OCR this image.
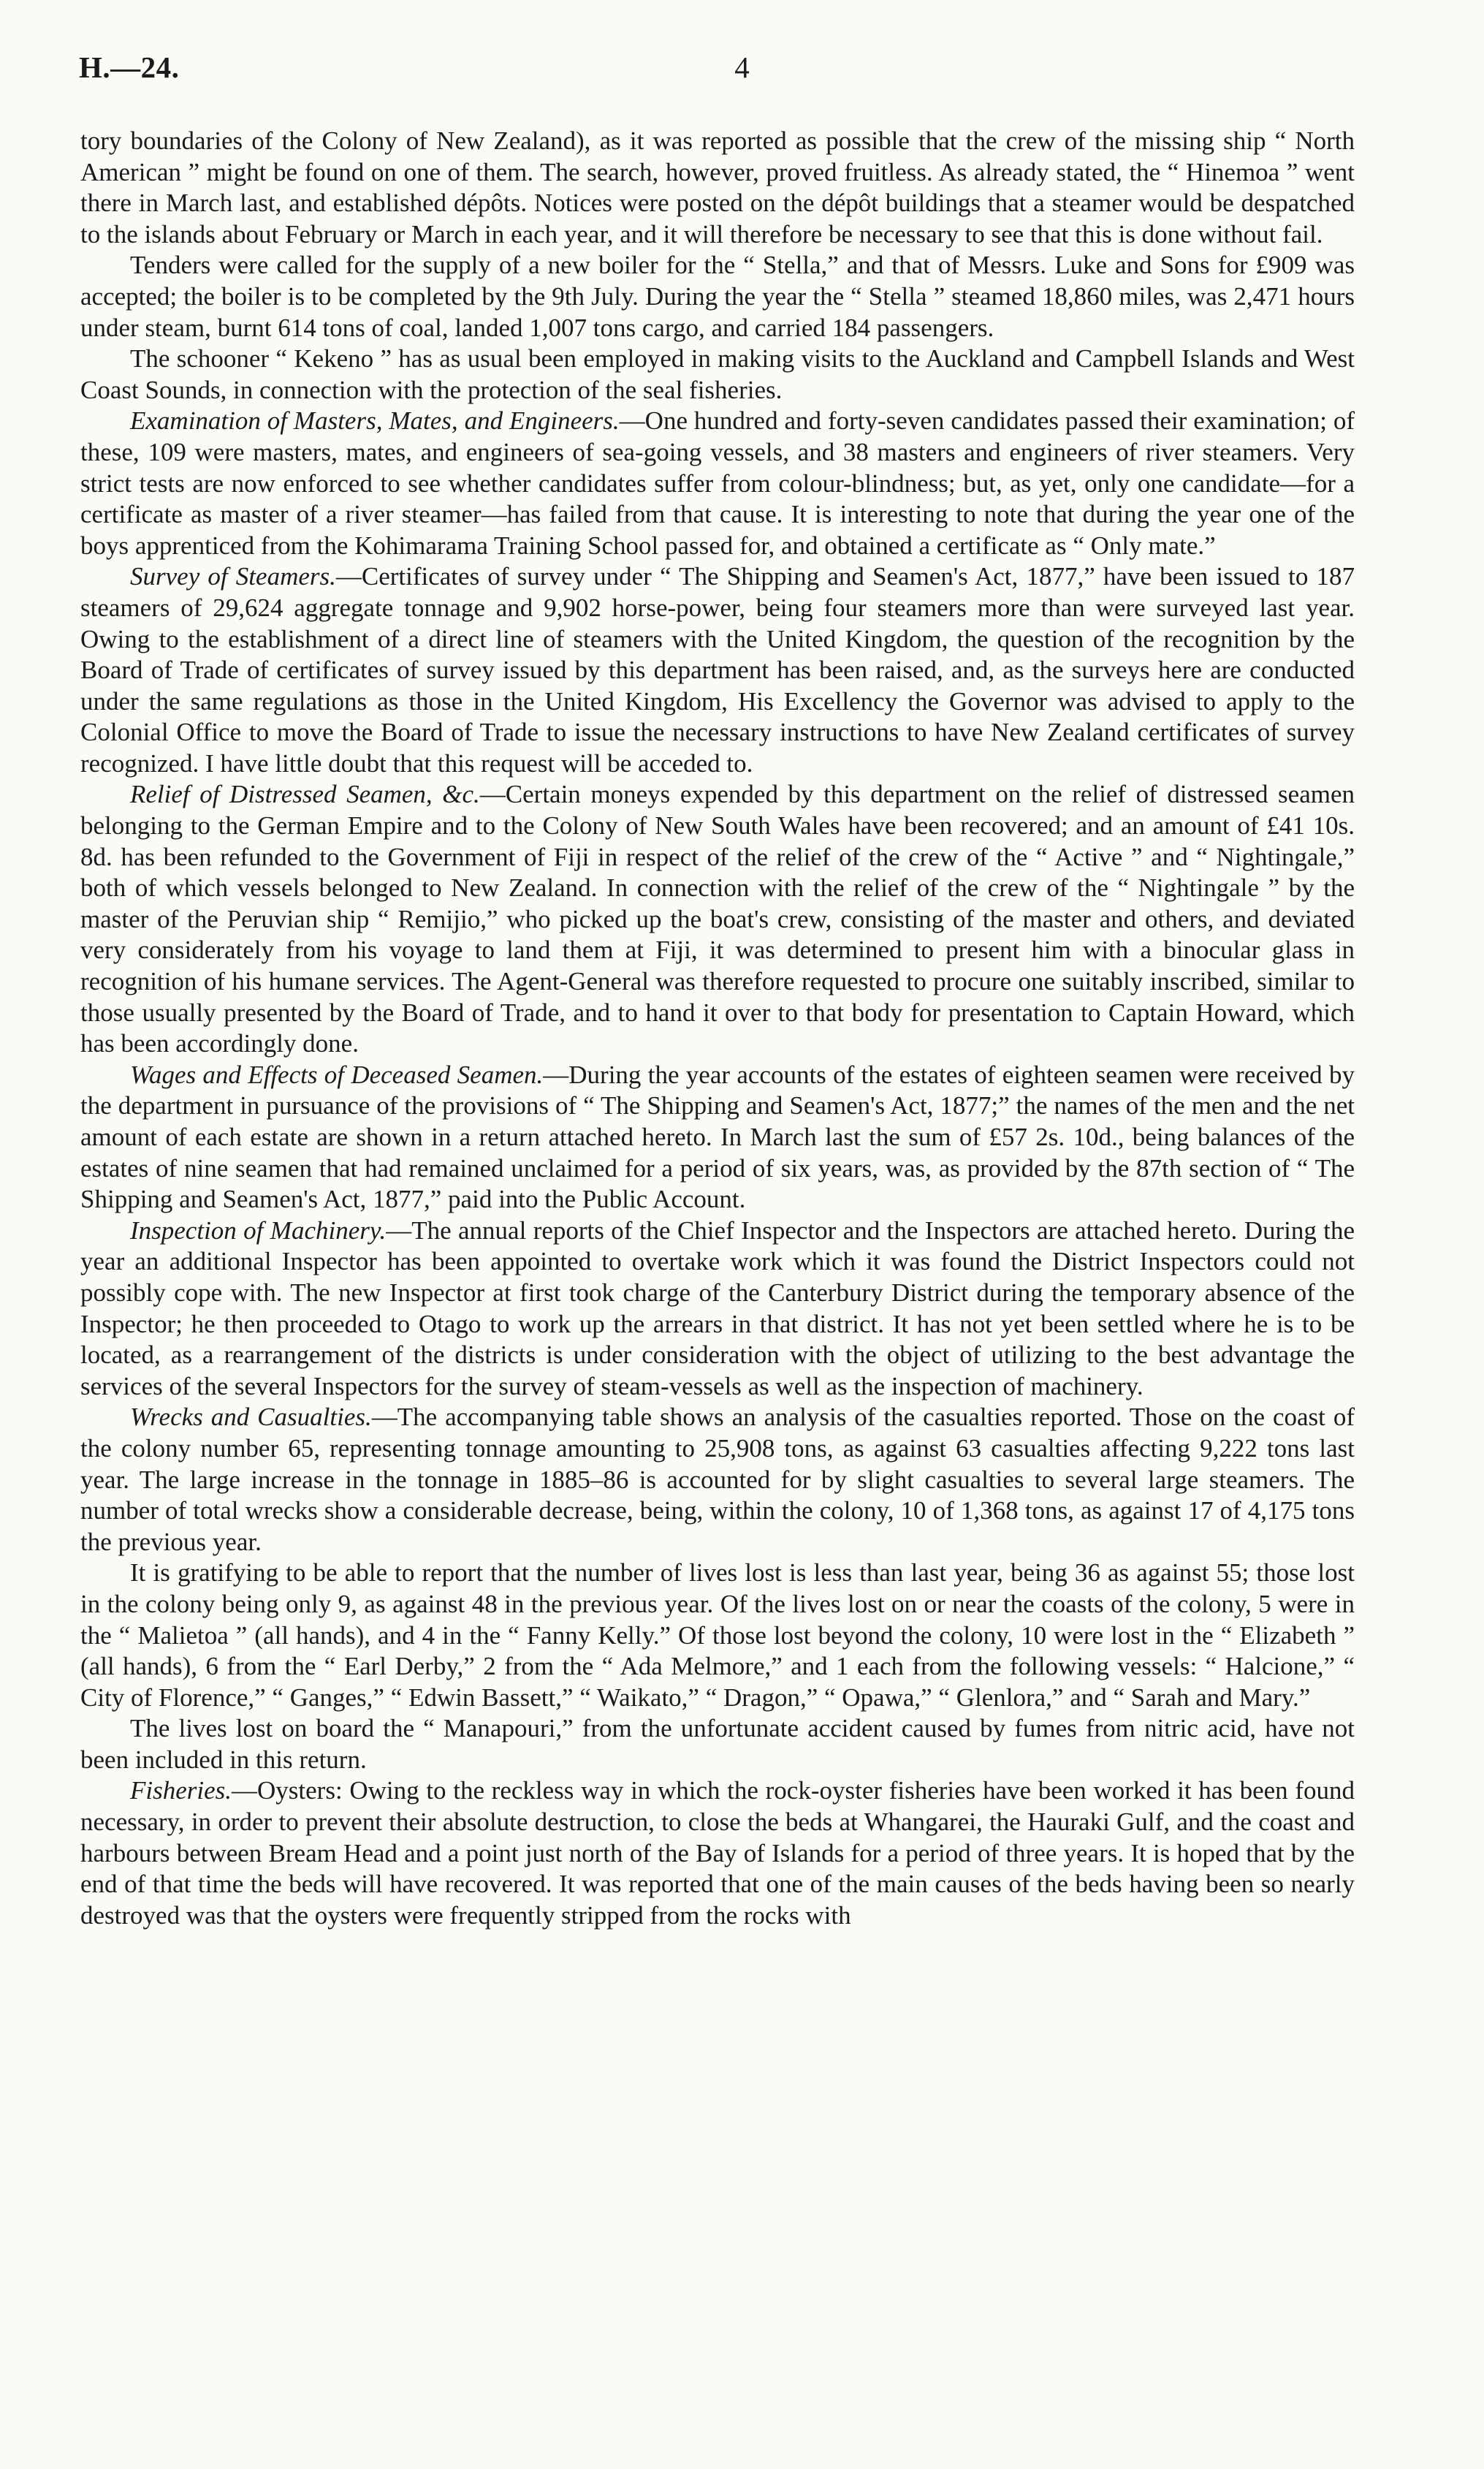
H.—24.	4

tory boundaries of the Colony of New Zealand), as it was reported as possible that the crew of the missing ship “ North American ” might be found on one of them. The search, however, proved fruitless. As already stated, the “ Hinemoa ” went there in March last, and established dépôts. Notices were posted on the dépôt buildings that a steamer would be despatched to the islands about February or March in each year, and it will therefore be necessary to see that this is done without fail.

Tenders were called for the supply of a new boiler for the “ Stella,” and that of Messrs. Luke and Sons for £909 was accepted; the boiler is to be completed by the 9th July. During the year the “ Stella ” steamed 18,860 miles, was 2,471 hours under steam, burnt 614 tons of coal, landed 1,007 tons cargo, and carried 184 passengers.

The schooner “ Kekeno ” has as usual been employed in making visits to the Auckland and Campbell Islands and West Coast Sounds, in connection with the protection of the seal fisheries.

Examination of Masters, Mates, and Engineers.—One hundred and forty-seven candidates passed their examination; of these, 109 were masters, mates, and engineers of sea-going vessels, and 38 masters and engineers of river steamers. Very strict tests are now enforced to see whether candidates suffer from colour-blindness; but, as yet, only one candidate—for a certificate as master of a river steamer—has failed from that cause. It is interesting to note that during the year one of the boys apprenticed from the Kohimarama Training School passed for, and obtained a certificate as “ Only mate.”

Survey of Steamers.—Certificates of survey under “ The Shipping and Seamen's Act, 1877,” have been issued to 187 steamers of 29,624 aggregate tonnage and 9,902 horse-power, being four steamers more than were surveyed last year. Owing to the establishment of a direct line of steamers with the United Kingdom, the question of the recognition by the Board of Trade of certificates of survey issued by this department has been raised, and, as the surveys here are conducted under the same regulations as those in the United Kingdom, His Excellency the Governor was advised to apply to the Colonial Office to move the Board of Trade to issue the necessary instructions to have New Zealand certificates of survey recognized. I have little doubt that this request will be acceded to.

Relief of Distressed Seamen, &c.—Certain moneys expended by this department on the relief of distressed seamen belonging to the German Empire and to the Colony of New South Wales have been recovered; and an amount of £41 10s. 8d. has been refunded to the Government of Fiji in respect of the relief of the crew of the “ Active ” and “ Nightingale,” both of which vessels belonged to New Zealand. In connection with the relief of the crew of the “ Nightingale ” by the master of the Peruvian ship “ Remijio,” who picked up the boat's crew, consisting of the master and others, and deviated very considerately from his voyage to land them at Fiji, it was determined to present him with a binocular glass in recognition of his humane services. The Agent-General was therefore requested to procure one suitably inscribed, similar to those usually presented by the Board of Trade, and to hand it over to that body for presentation to Captain Howard, which has been accordingly done.

Wages and Effects of Deceased Seamen.—During the year accounts of the estates of eighteen seamen were received by the department in pursuance of the provisions of “ The Shipping and Seamen's Act, 1877;” the names of the men and the net amount of each estate are shown in a return attached hereto. In March last the sum of £57 2s. 10d., being balances of the estates of nine seamen that had remained unclaimed for a period of six years, was, as provided by the 87th section of “ The Shipping and Seamen's Act, 1877,” paid into the Public Account.

Inspection of Machinery.—The annual reports of the Chief Inspector and the Inspectors are attached hereto. During the year an additional Inspector has been appointed to overtake work which it was found the District Inspectors could not possibly cope with. The new Inspector at first took charge of the Canterbury District during the temporary absence of the Inspector; he then proceeded to Otago to work up the arrears in that district. It has not yet been settled where he is to be located, as a rearrangement of the districts is under consideration with the object of utilizing to the best advantage the services of the several Inspectors for the survey of steam-vessels as well as the inspection of machinery.

Wrecks and Casualties.—The accompanying table shows an analysis of the casualties reported. Those on the coast of the colony number 65, representing tonnage amounting to 25,908 tons, as against 63 casualties affecting 9,222 tons last year. The large increase in the tonnage in 1885–86 is accounted for by slight casualties to several large steamers. The number of total wrecks show a considerable decrease, being, within the colony, 10 of 1,368 tons, as against 17 of 4,175 tons the previous year.

It is gratifying to be able to report that the number of lives lost is less than last year, being 36 as against 55; those lost in the colony being only 9, as against 48 in the previous year. Of the lives lost on or near the coasts of the colony, 5 were in the “ Malietoa ” (all hands), and 4 in the “ Fanny Kelly.” Of those lost beyond the colony, 10 were lost in the “ Elizabeth ” (all hands), 6 from the “ Earl Derby,” 2 from the “ Ada Melmore,” and 1 each from the following vessels: “ Halcione,” “ City of Florence,” “ Ganges,” “ Edwin Bassett,” “ Waikato,” “ Dragon,” “ Opawa,” “ Glenlora,” and “ Sarah and Mary.”

The lives lost on board the “ Manapouri,” from the unfortunate accident caused by fumes from nitric acid, have not been included in this return.

Fisheries.—Oysters: Owing to the reckless way in which the rock-oyster fisheries have been worked it has been found necessary, in order to prevent their absolute destruction, to close the beds at Whangarei, the Hauraki Gulf, and the coast and harbours between Bream Head and a point just north of the Bay of Islands for a period of three years. It is hoped that by the end of that time the beds will have recovered. It was reported that one of the main causes of the beds having been so nearly destroyed was that the oysters were frequently stripped from the rocks with
